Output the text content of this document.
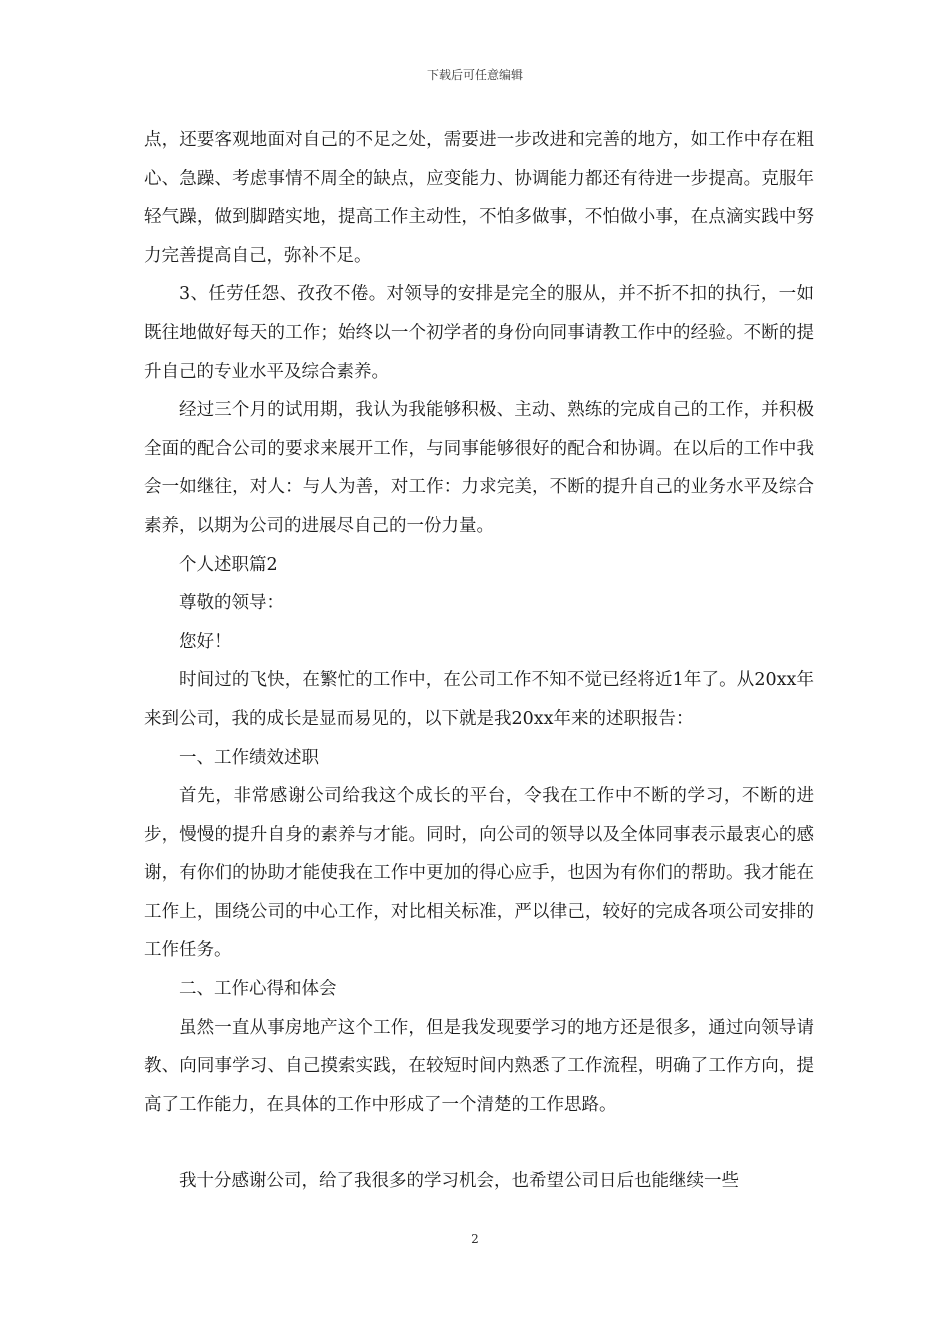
下载后可任意编辑

点，还要客观地面对自己的不足之处，需要进一步改进和完善的地方，如工作中存在粗心、急躁、考虑事情不周全的缺点，应变能力、协调能力都还有待进一步提高。克服年轻气躁，做到脚踏实地，提高工作主动性，不怕多做事，不怕做小事，在点滴实践中努力完善提高自己，弥补不足。

3、任劳任怨、孜孜不倦。对领导的安排是完全的服从，并不折不扣的执行，一如既往地做好每天的工作；始终以一个初学者的身份向同事请教工作中的经验。不断的提升自己的专业水平及综合素养。

经过三个月的试用期，我认为我能够积极、主动、熟练的完成自己的工作，并积极全面的配合公司的要求来展开工作，与同事能够很好的配合和协调。在以后的工作中我会一如继往，对人：与人为善，对工作：力求完美，不断的提升自己的业务水平及综合素养，以期为公司的进展尽自己的一份力量。

个人述职篇2

尊敬的领导：

您好！

时间过的飞快，在繁忙的工作中，在公司工作不知不觉已经将近1年了。从20xx年来到公司，我的成长是显而易见的，以下就是我20xx年来的述职报告：

一、工作绩效述职

首先，非常感谢公司给我这个成长的平台，令我在工作中不断的学习，不断的进步，慢慢的提升自身的素养与才能。同时，向公司的领导以及全体同事表示最衷心的感谢，有你们的协助才能使我在工作中更加的得心应手，也因为有你们的帮助。我才能在工作上，围绕公司的中心工作，对比相关标准，严以律己，较好的完成各项公司安排的工作任务。

二、工作心得和体会

虽然一直从事房地产这个工作，但是我发现要学习的地方还是很多，通过向领导请教、向同事学习、自己摸索实践，在较短时间内熟悉了工作流程，明确了工作方向，提高了工作能力，在具体的工作中形成了一个清楚的工作思路。

我十分感谢公司，给了我很多的学习机会，也希望公司日后也能继续一些

2
